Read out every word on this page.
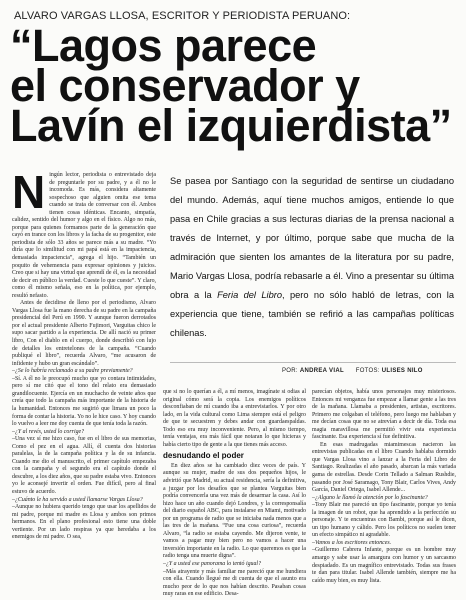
ALVARO VARGAS LLOSA, ESCRITOR Y PERIODISTA PERUANO:
“Lagos parece
el conservador y
Lavín el izquierdista”
N ingún lector, periodista o entrevistado deja de preguntarle por su padre, y a él no le incomoda. Es más, considera altamente sospechoso que alguien omita ese tema cuando se trata de conversar con él. Ambos tienen cosas idénticas. Encanto, simpatía, calidez, sentido del humor y algo en el físico. Algo no más, porque para quienes formamos parte de la generación que cayó en trance con los libros y la facha de su progenitor, este periodista de sólo 33 años se parece más a su madre. “Yo diría que lo similitud con mi papá está en la impaciencia, demasiada impaciencia”, agrega el hijo. “También un poquito de vehemencia para expresar opiniones y juicios. Creo que si hay una virtud que aprendí de él, es la necesidad de decir en público la verdad. Cueste lo que cueste”. Y claro, como él mismo señala, eso en la política, por ejemplo, resultó nefasto.

Antes de decidirse de lleno por el periodismo, Alvaro Vargas Llosa fue la mano derecha de su padre en la campaña presidencial del Perú en 1990. Y aunque fueron derrotados por el actual presidente Alberto Fujimori, Varguitas chico le supo sacar partido a la experiencia. De allí nació su primer libro, Con el diablo en el cuerpo, donde describió con lujo de detalles los entretelones de la campaña. “Cuando publiqué el libro”, recuerda Alvaro, “me acusaron de infidente y hubo un gran escándalo”.

–¿Se lo habría reclamado a su padre previamente?

–Sí. A él no le preocupó mucho que yo contara intimidades, pero sí me citó que el tono del relato era demasiado grandilocuente. Ejercía en un muchacho de veinte años que creía que todo la campaña más importante de la historia de la humanidad. Entonces me sugirió que limara un poco la forma de contar la historia. Yo no le hice caso. Y hoy cuando lo vuelvo a leer me doy cuenta de que tenía toda la razón.

–¿Y al revés, usted lo corrige?

–Una vez sí me hizo caso, fue en el libro de sus memorias, Como el pez en el agua. Allí, él cuenta dos historias paralelas, la de la campaña política y la de su infancia. Cuando me dio el manuscrito, el primer capítulo empezaba con la campaña y el segundo era el capítulo donde el descubre, a los diez años, que su padre estaba vivo. Entonces yo le aconsejé invertir el orden. Fue difícil, pero al final estuvo de acuerdo.

–¿Cuánto le ha servido a usted llamarse Vargas Llosa?

–Aunque no hubiera querido tengo que usar los apellidos de mi padre, porque mi madre es Llosa y ambos son primos hermanos. En el plano profesional esto tiene una doble vertiente. Por un lado respiras ya que heredaba a los enemigos de mi padre. O sea,

Se pasea por Santiago con la seguridad de sentirse un ciudadano del mundo. Además, aquí tiene muchos amigos, entiende lo que pasa en Chile gracias a sus lecturas diarias de la prensa nacional a través de Internet, y por último, porque sabe que mucha de la admiración que sienten los amantes de la literatura por su padre, Mario Vargas Llosa, podría rebasarle a él. Vino a presentar su última obra a la Feria del Libro, pero no sólo habló de letras, con la experiencia que tiene, también se refirió a las campañas políticas chilenas.
POR: ANDREA VIAL FOTOS: ULISES NILO

que si no lo querían a él, a mí menos, imagínate si odias al original cómo será la copia. Los enemigos políticos desconfiaban de mí cuando iba a entrevistarlos. Y por otro lado, en la vida cultural como Lima siempre está el peligro de que te secuestren y debes andar con guardaespaldas. Todo eso era muy inconveniente. Pero, al mismo tiempo, tenía ventajas, era más fácil que notaran lo que hicieras y había cierto tipo de gente a la que tienes más acceso.

desnudando el poder

En diez años se ha cambiado diez veces de país. Y aunque su mujer, madre de sus dos pequeños hijos, le advirtió que Madrid, su actual residencia, sería la definitiva, a juzgar por los desafíos que se plantea Varguitas bien podría convencerla una vez más de desarmar la casa. Así lo hizo hace un año cuando dejó Londres, y la corresponsalía del diario español ABC, para instalarse en Miami, motivado por un programa de radio que se iniciaba nada menos que a las tres de la mañana. “Fue una cosa curiosa”, recuerda Alvaro, “la radio se estaba cayendo. Me dijeron vente, te vamos a pagar muy bien pero no vamos a hacer una inversión importante en la radio. Lo que queremos es que la radio tenga una muerte digna”.

–¿Y a usted ese panorama lo tentó igual?

–Más atrayente y más familiar me pareció que me hundiera con ella. Cuando llegué me di cuenta de que el asunto era mucho peor de lo que nos habían descrito. Pasaban cosas muy raras en ese edificio. Desa-

parecían objetos, había unos personajes muy misteriosos. Entonces mi venganza fue empezar a llamar gente a las tres de la mañana. Llamaba a presidentes, artistas, escritores. Primero me colgaban el teléfono, pero luego me hablaban y me decían cosas que no se atrevían a decir de día. Toda esa magia maravillosa me permitió vivir esta experiencia fascinante. Esa experiencia sí fue definitiva.

En esas madrugadas miamimescas nacieron las entrevistas publicadas en el libro Cuando hablaba dormido que Vargas Llosa vino a lanzar a la Feria del Libro de Santiago. Realizadas el año pasado, abarcan la más variada gama de estrellas. Desde Corin Tellado a Salman Rushdie, pasando por José Saramago, Tony Blair, Carlos Vives, Andy García, Daniel Ortega, Isabel Allende...

–¿Alguno le llamó la atención por lo fascinante?

–Tony Blair me pareció un tipo fascinante, porque yo tenía la imagen de un robot, que ha aprendido a la perfección su personaje. Y te encuentras con Bambi, porque así le dicen, un tipo humano y cálido. Pero los políticos no suelen tener un efecto simpático ni agradable.

–Vamos a los escritores entonces.

–Guillermo Cabrera Infante, porque es un hombre muy amargo y sabe usar la amargura con humor y un sarcasmo despiadado. Es un magnífico entrevistado. Todas sus frases te dan para titular. Isabel Allende también, siempre me ha caído muy bien, es muy lista.
